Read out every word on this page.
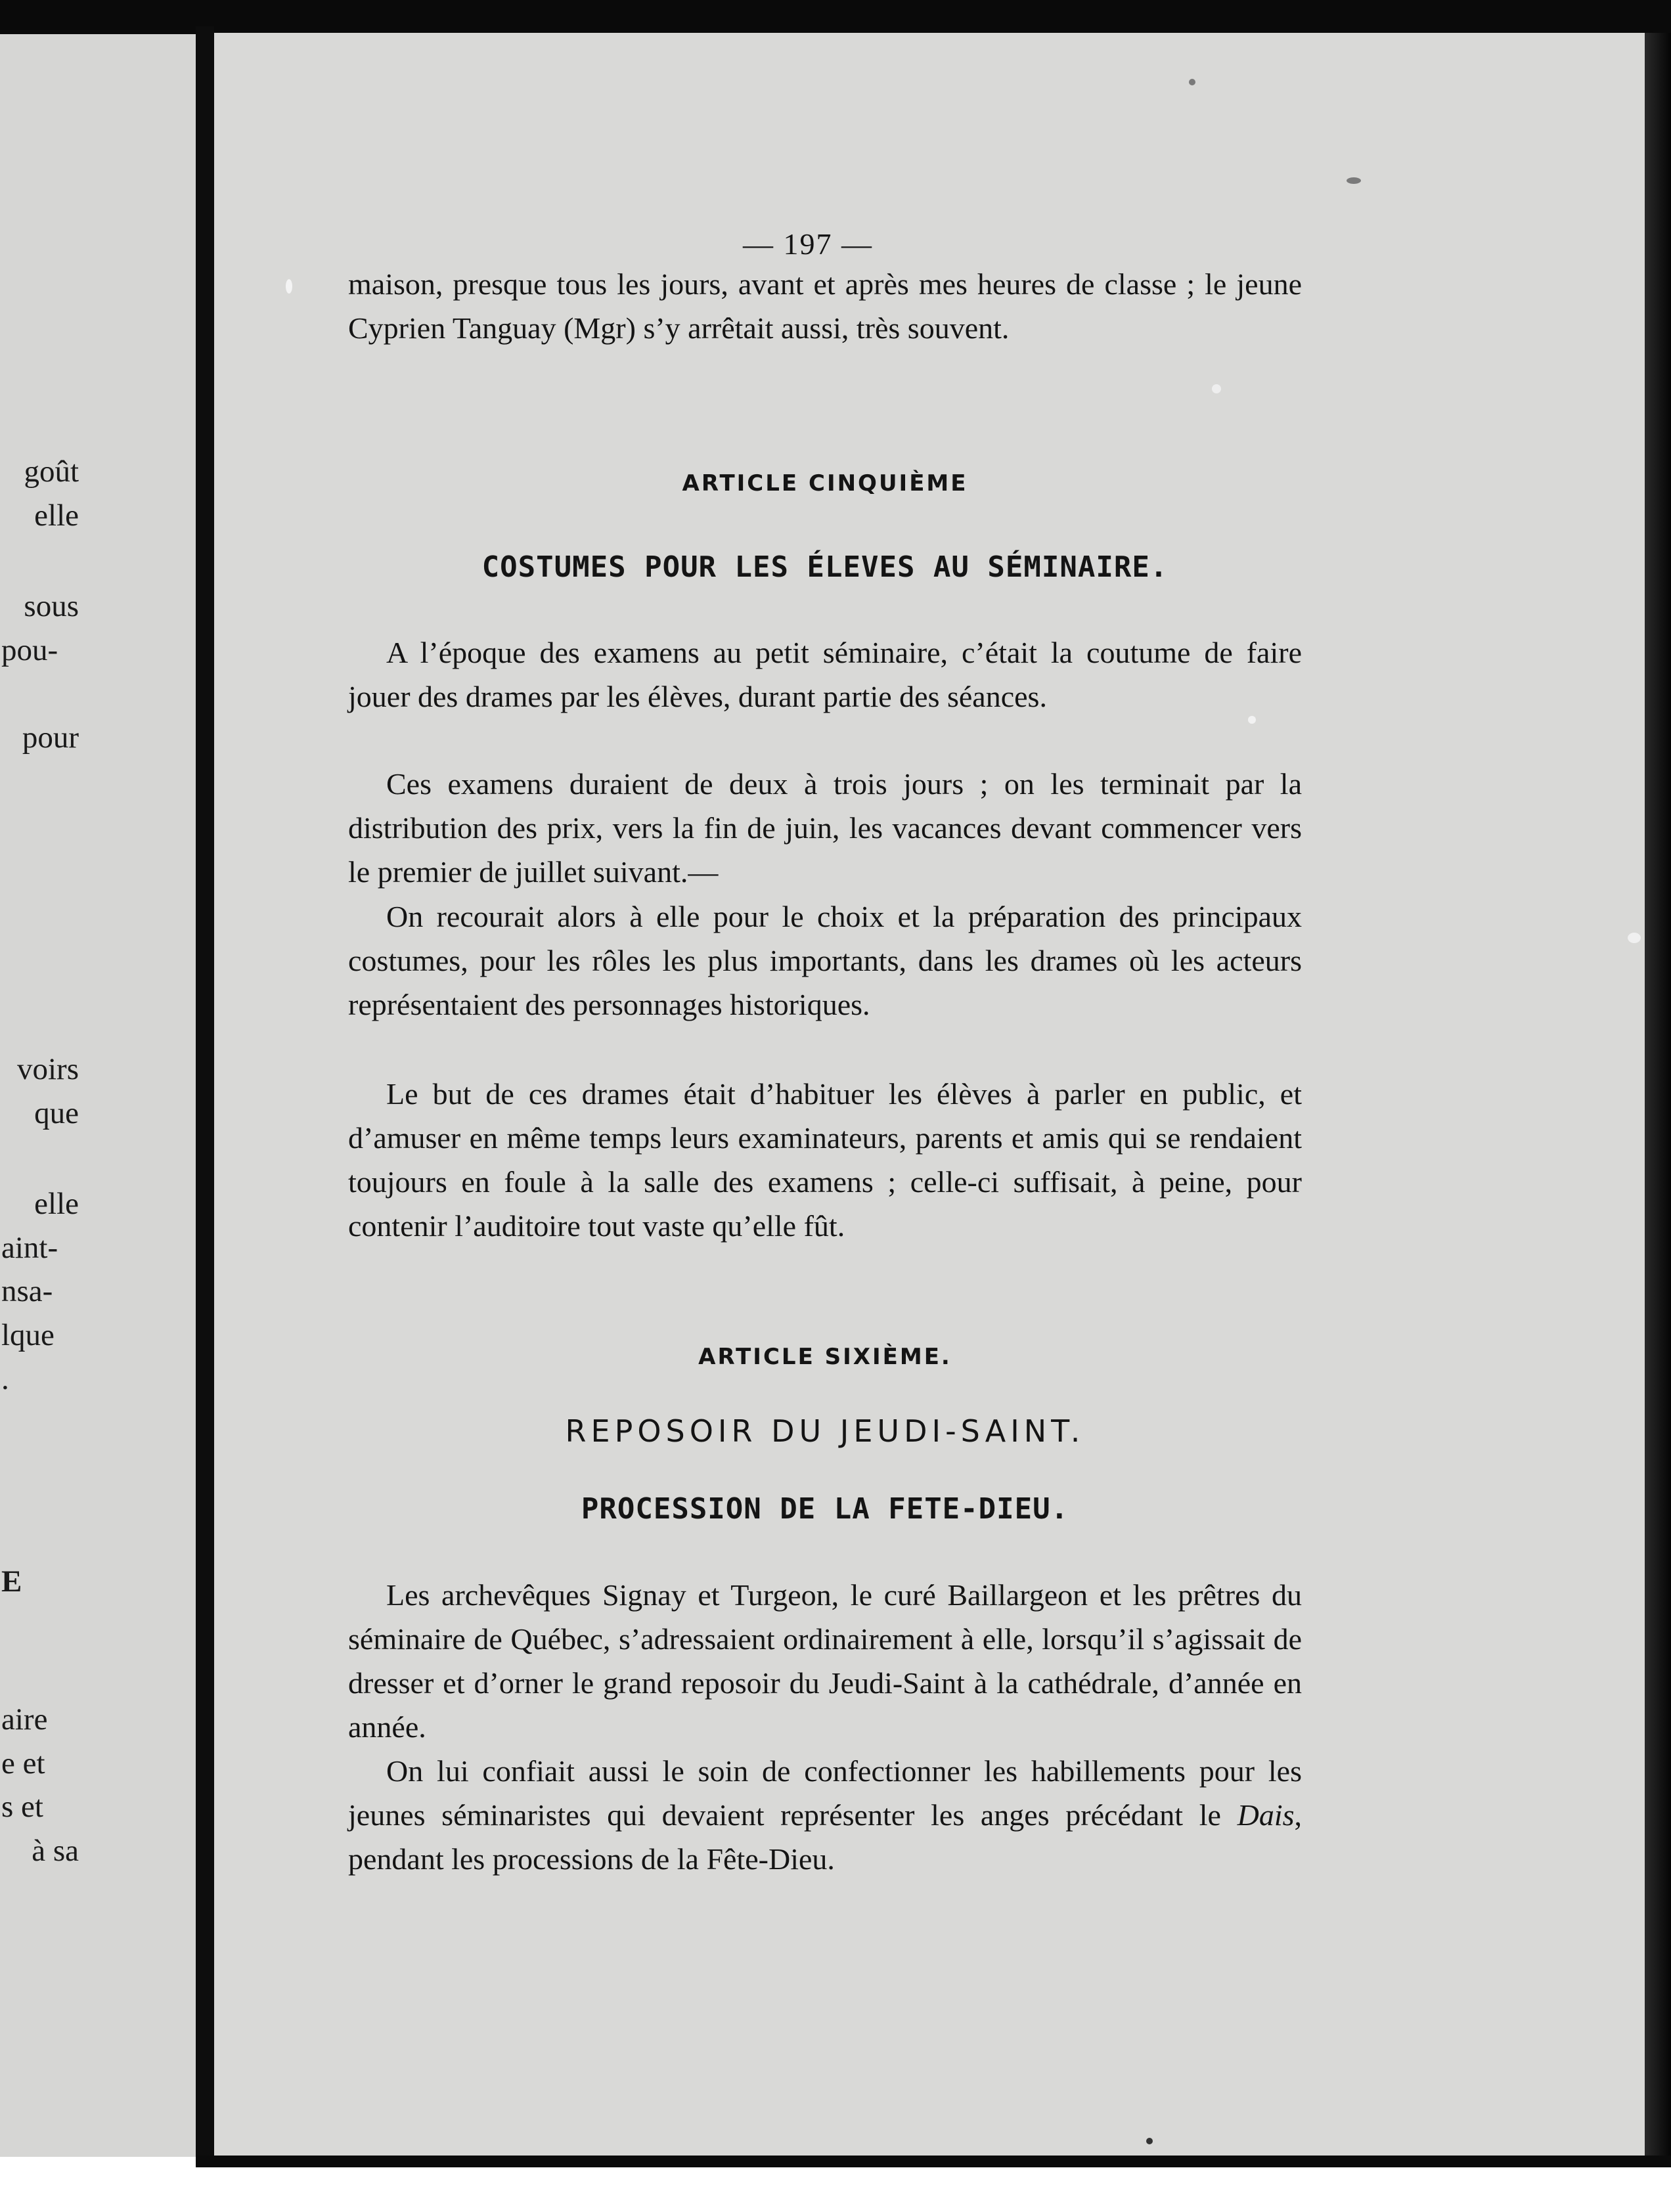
goût
elle
sous
pou-
pour
voirs
que
elle
aint-
nsa-
lque
.
E
aire
e et
s et
à sa
— 197 —

maison, presque tous les jours, avant et après mes heures de classe ; le jeune Cyprien Tanguay (Mgr) s’y arrêtait aussi, très souvent.

ARTICLE CINQUIÈME
COSTUMES POUR LES ÉLEVES AU SÉMINAIRE.

A l’époque des examens au petit séminaire, c’était la coutume de faire jouer des drames par les élèves, durant partie des séances.

Ces examens duraient de deux à trois jours ; on les terminait par la distribution des prix, vers la fin de juin, les vacances devant commencer vers le premier de juillet suivant.—

On recourait alors à elle pour le choix et la préparation des principaux costumes, pour les rôles les plus importants, dans les drames où les acteurs représentaient des personnages historiques.

Le but de ces drames était d’habituer les élèves à parler en public, et d’amuser en même temps leurs examinateurs, parents et amis qui se rendaient toujours en foule à la salle des examens ; celle-ci suffisait, à peine, pour contenir l’auditoire tout vaste qu’elle fût.

ARTICLE SIXIÈME.
REPOSOIR DU JEUDI-SAINT.
PROCESSION DE LA FETE-DIEU.

Les archevêques Signay et Turgeon, le curé Baillargeon et les prêtres du séminaire de Québec, s’adressaient ordinairement à elle, lorsqu’il s’agissait de dresser et d’orner le grand reposoir du Jeudi-Saint à la cathédrale, d’année en année.

On lui confiait aussi le soin de confectionner les habillements pour les jeunes séminaristes qui devaient représenter les anges précédant le Dais, pendant les processions de la Fête-Dieu.
